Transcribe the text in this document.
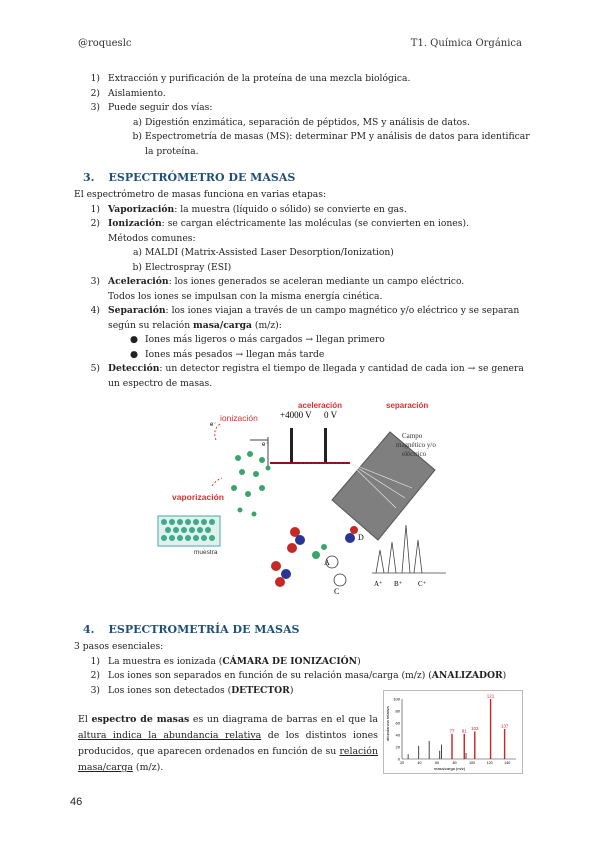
@roqueslc	T1. Química Orgánica
1) Extracción y purificación de la proteína de una mezcla biológica.
2) Aislamiento.
3) Puede seguir dos vías:
a) Digestión enzimática, separación de péptidos, MS y análisis de datos.
b) Espectrometría de masas (MS): determinar PM y análisis de datos para identificar
la proteína.
3. ESPECTRÓMETRO DE MASAS
El espectrómetro de masas funciona en varias etapas:
1) Vaporización: la muestra (líquido o sólido) se convierte en gas.
2) Ionización: se cargan eléctricamente las moléculas (se convierten en iones).
Métodos comunes:
a) MALDI (Matrix-Assisted Laser Desorption/Ionization)
b) Electrospray (ESI)
3) Aceleración: los iones generados se aceleran mediante un campo eléctrico.
Todos los iones se impulsan con la misma energía cinética.
4) Separación: los iones viajan a través de un campo magnético y/o eléctrico y se separan
según su relación masa/carga (m/z):
● Iones más ligeros o más cargados → llegan primero
● Iones más pesados → llegan más tarde
5) Detección: un detector registra el tiempo de llegada y cantidad de cada ion → se genera
un espectro de masas.
ionización
aceleración	separación
+4000 V 0 V
e⁻
e⁻
Campo
magnético y/o
eléctrico
vaporización
muestra
D
A
C
A⁺ B⁺ C⁺
4. ESPECTROMETRÍA DE MASAS
3 pasos esenciales:
1) La muestra es ionizada (CÁMARA DE IONIZACIÓN)
2) Los iones son separados en función de su relación masa/carga (m/z) (ANALIZADOR)
3) Los iones son detectados (DETECTOR)
El espectro de masas es un diagrama de barras en el que la altura indica la abundancia relativa de los distintos iones producidos, que aparecen ordenados en función de su relación masa/carga (m/z).
abundancia relativa
masa/carga (m/z)
100
80
60
40
20
0
20	40	60	80	100	120	140
77 91 103
121
137
46
